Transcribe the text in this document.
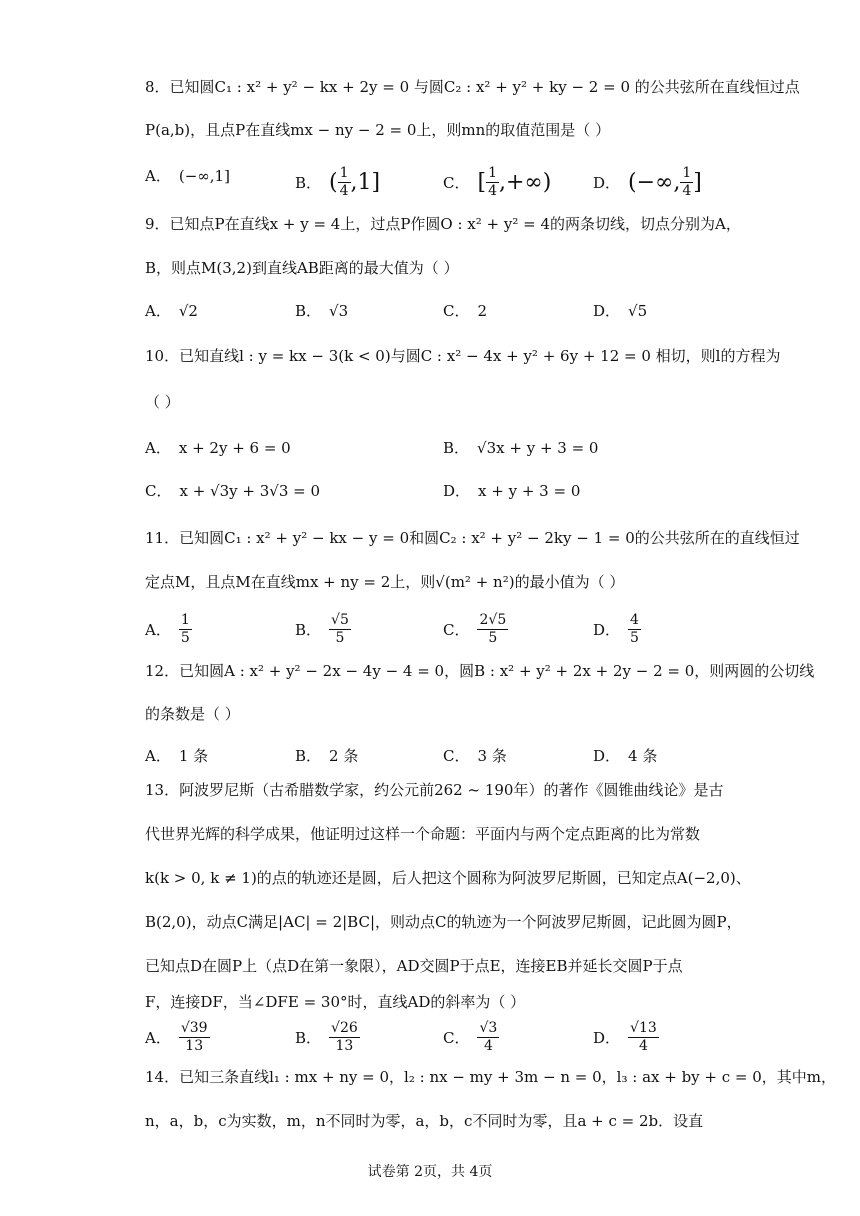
8．已知圆C₁ : x² + y² − kx + 2y = 0 与圆C₂ : x² + y² + ky − 2 = 0 的公共弦所在直线恒过点
P(a,b)，且点P在直线mx − ny − 2 = 0上，则mn的取值范围是（ ）
A． (−∞,1]	B． ( $\frac{1}{4} ,1$]	C． [ $\frac{1}{4}$ ,+∞)	D． (−∞, $\frac{1}{4}$ ]
9．已知点P在直线x + y = 4上，过点P作圆O : x² + y² = 4的两条切线，切点分别为A，
B，则点M(3,2)到直线AB距离的最大值为（ ）
A． √2	B． √3	C． 2	D． √5
10．已知直线l : y = kx − 3(k < 0)与圆C : x² − 4x + y² + 6y + 12 = 0 相切，则l的方程为
（ ）
A． x + 2y + 6 = 0	B． √3x + y + 3 = 0
C． x + √3y + 3√3 = 0	D． x + y + 3 = 0
11．已知圆C₁ : x² + y² − kx − y = 0和圆C₂ : x² + y² − 2ky − 1 = 0的公共弦所在的直线恒过
定点M，且点M在直线mx + ny = 2上，则√(m² + n²)的最小值为（ ）
A． $\frac{1}{5}$	B． $\frac{√5}{5}$	C． $\frac{2√5}{5}$	D． $\frac{4}{5}$
12．已知圆A : x² + y² − 2x − 4y − 4 = 0，圆B : x² + y² + 2x + 2y − 2 = 0，则两圆的公切线
的条数是（ ）
A． 1 条	B． 2 条	C． 3 条	D． 4 条
13．阿波罗尼斯（古希腊数学家，约公元前262 ~ 190年）的著作《圆锥曲线论》是古
代世界光辉的科学成果，他证明过这样一个命题：平面内与两个定点距离的比为常数
k(k > 0, k ≠ 1)的点的轨迹还是圆，后人把这个圆称为阿波罗尼斯圆，已知定点A(−2,0)、
B(2,0)，动点C满足|AC| = 2|BC|，则动点C的轨迹为一个阿波罗尼斯圆，记此圆为圆P，
已知点D在圆P上（点D在第一象限），AD交圆P于点E，连接EB并延长交圆P于点
F，连接DF，当∠DFE = 30°时，直线AD的斜率为（ ）
A． $\frac{√39}{13}$	B． $\frac{√26}{13}$	C． $\frac{√3}{4}$	D． $\frac{√13}{4}$
14．已知三条直线l₁ : mx + ny = 0，l₂ : nx − my + 3m − n = 0，l₃ : ax + by + c = 0，其中m，
n，a，b，c为实数，m，n不同时为零，a，b，c不同时为零，且a + c = 2b．设直
试卷第 2页，共 4页
